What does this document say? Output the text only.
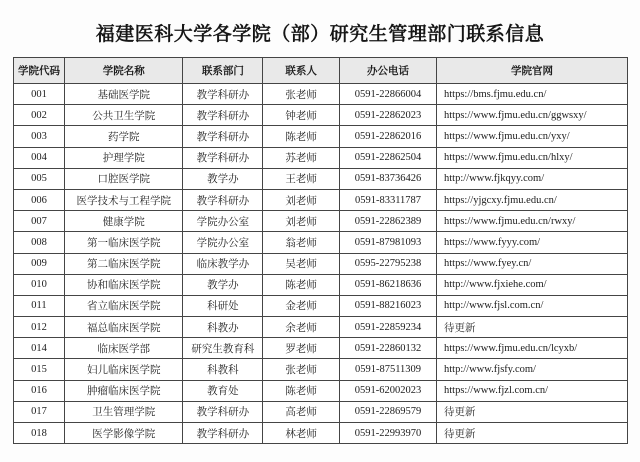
福建医科大学各学院（部）研究生管理部门联系信息
学院代码	学院名称	联系部门	联系人	办公电话	学院官网
001	基础医学院	教学科研办	张老师	0591-22866004	https://bms.fjmu.edu.cn/
002	公共卫生学院	教学科研办	钟老师	0591-22862023	https://www.fjmu.edu.cn/ggwsxy/
003	药学院	教学科研办	陈老师	0591-22862016	https://www.fjmu.edu.cn/yxy/
004	护理学院	教学科研办	苏老师	0591-22862504	https://www.fjmu.edu.cn/hlxy/
005	口腔医学院	教学办	王老师	0591-83736426	http://www.fjkqyy.com/
006	医学技术与工程学院	教学科研办	刘老师	0591-83311787	https://yjgcxy.fjmu.edu.cn/
007	健康学院	学院办公室	刘老师	0591-22862389	https://www.fjmu.edu.cn/rwxy/
008	第一临床医学院	学院办公室	翁老师	0591-87981093	https://www.fyyy.com/
009	第二临床医学院	临床教学办	吴老师	0595-22795238	https://www.fyey.cn/
010	协和临床医学院	教学办	陈老师	0591-86218636	http://www.fjxiehe.com/
011	省立临床医学院	科研处	金老师	0591-88216023	http://www.fjsl.com.cn/
012	福总临床医学院	科教办	余老师	0591-22859234	待更新
014	临床医学部	研究生教育科	罗老师	0591-22860132	https://www.fjmu.edu.cn/lcyxb/
015	妇儿临床医学院	科教科	张老师	0591-87511309	http://www.fjsfy.com/
016	肿瘤临床医学院	教育处	陈老师	0591-62002023	https://www.fjzl.com.cn/
017	卫生管理学院	教学科研办	高老师	0591-22869579	待更新
018	医学影像学院	教学科研办	林老师	0591-22993970	待更新
